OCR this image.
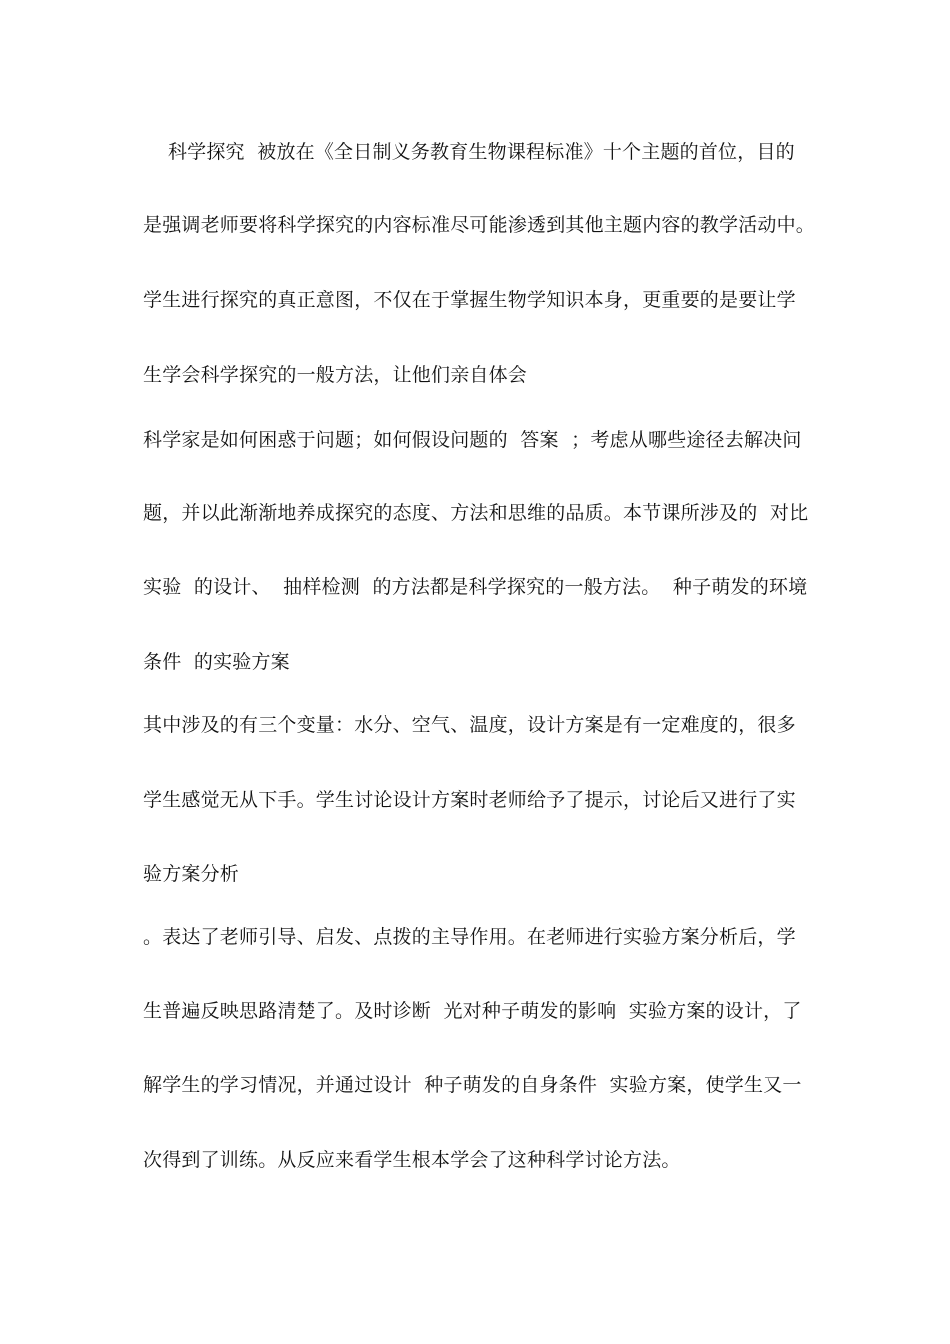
科学探究  被放在《全日制义务教育生物课程标准》十个主题的首位，目的
是强调老师要将科学探究的内容标准尽可能渗透到其他主题内容的教学活动中。
学生进行探究的真正意图，不仅在于掌握生物学知识本身，更重要的是要让学
生学会科学探究的一般方法，让他们亲自体会
科学家是如何困惑于问题；如何假设问题的  答案  ；考虑从哪些途径去解决问
题，并以此渐渐地养成探究的态度、方法和思维的品质。本节课所涉及的  对比
实验  的设计、  抽样检测  的方法都是科学探究的一般方法。  种子萌发的环境
条件  的实验方案
其中涉及的有三个变量：水分、空气、温度，设计方案是有一定难度的，很多
学生感觉无从下手。学生讨论设计方案时老师给予了提示，讨论后又进行了实
验方案分析
。表达了老师引导、启发、点拨的主导作用。在老师进行实验方案分析后，学
生普遍反映思路清楚了。及时诊断  光对种子萌发的影响  实验方案的设计，了
解学生的学习情况，并通过设计  种子萌发的自身条件  实验方案，使学生又一
次得到了训练。从反应来看学生根本学会了这种科学讨论方法。
